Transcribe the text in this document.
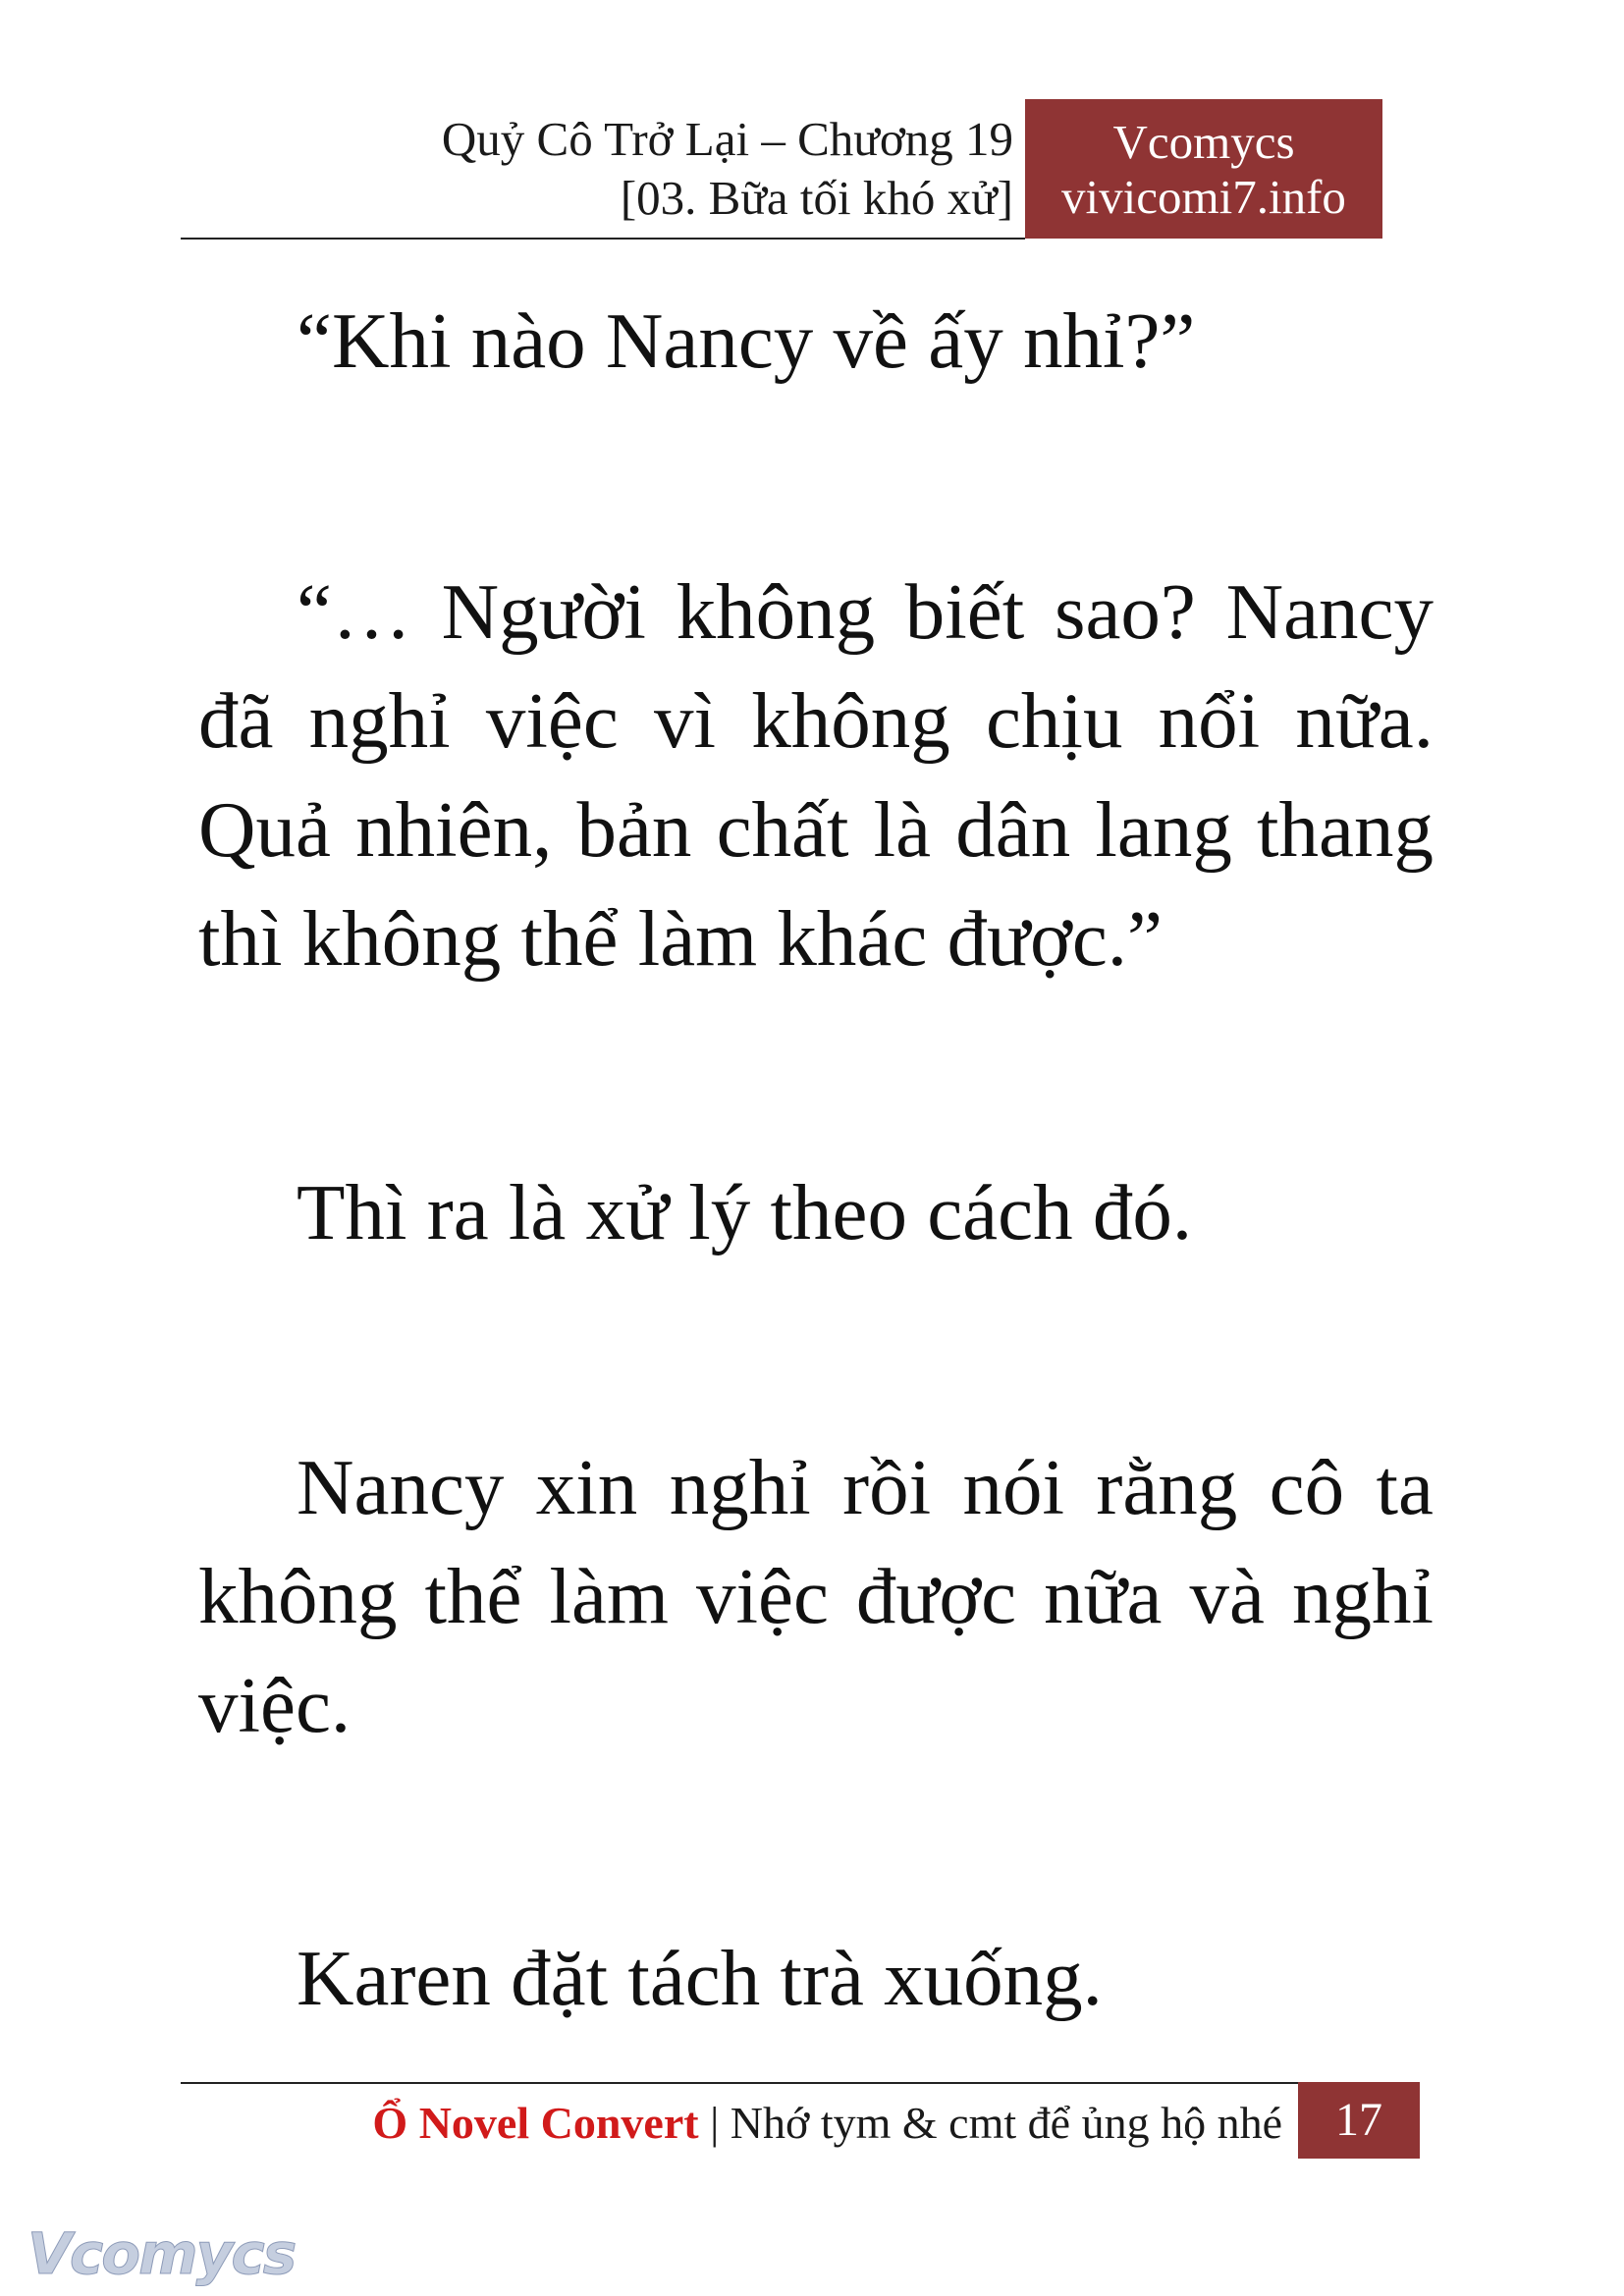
Quỷ Cô Trở Lại – Chương 19
[03. Bữa tối khó xử]
Vcomycs
vivicomi7.info
“Khi nào Nancy về ấy nhỉ?”
“… Người không biết sao? Nancy đã nghỉ việc vì không chịu nổi nữa. Quả nhiên, bản chất là dân lang thang thì không thể làm khác được.”
Thì ra là xử lý theo cách đó.
Nancy xin nghỉ rồi nói rằng cô ta không thể làm việc được nữa và nghỉ việc.
Karen đặt tách trà xuống.
Ổ Novel Convert | Nhớ tym & cmt để ủng hộ nhé	17
Vcomycs
